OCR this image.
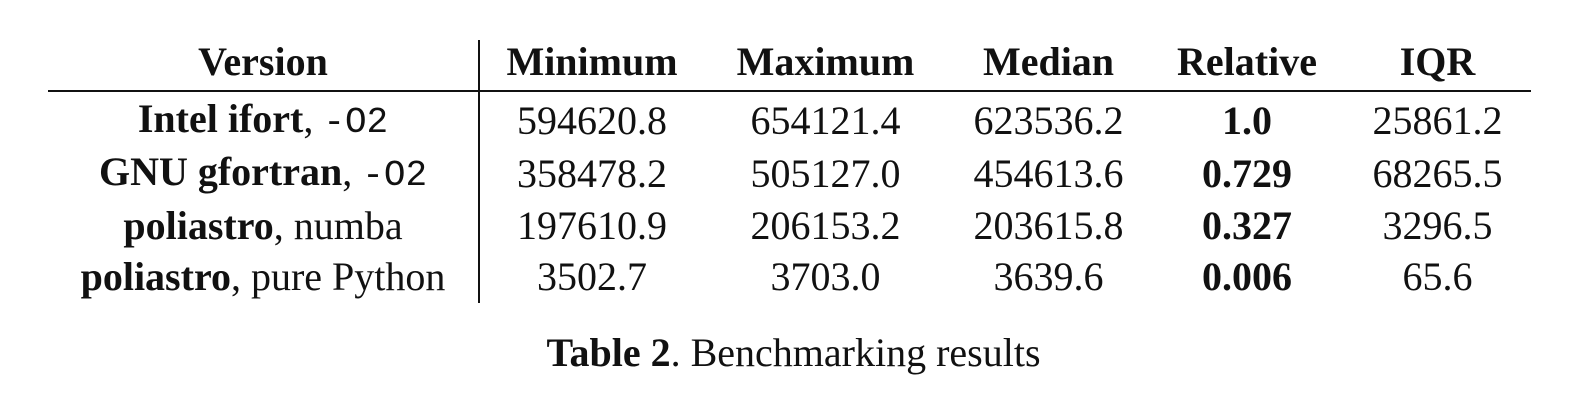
Version	Minimum	Maximum	Median	Relative	IQR
Intel ifort, -O2	594620.8	654121.4	623536.2	1.0	25861.2
GNU gfortran, -O2	358478.2	505127.0	454613.6	0.729	68265.5
poliastro, numba	197610.9	206153.2	203615.8	0.327	3296.5
poliastro, pure Python	3502.7	3703.0	3639.6	0.006	65.6
Table 2. Benchmarking results
